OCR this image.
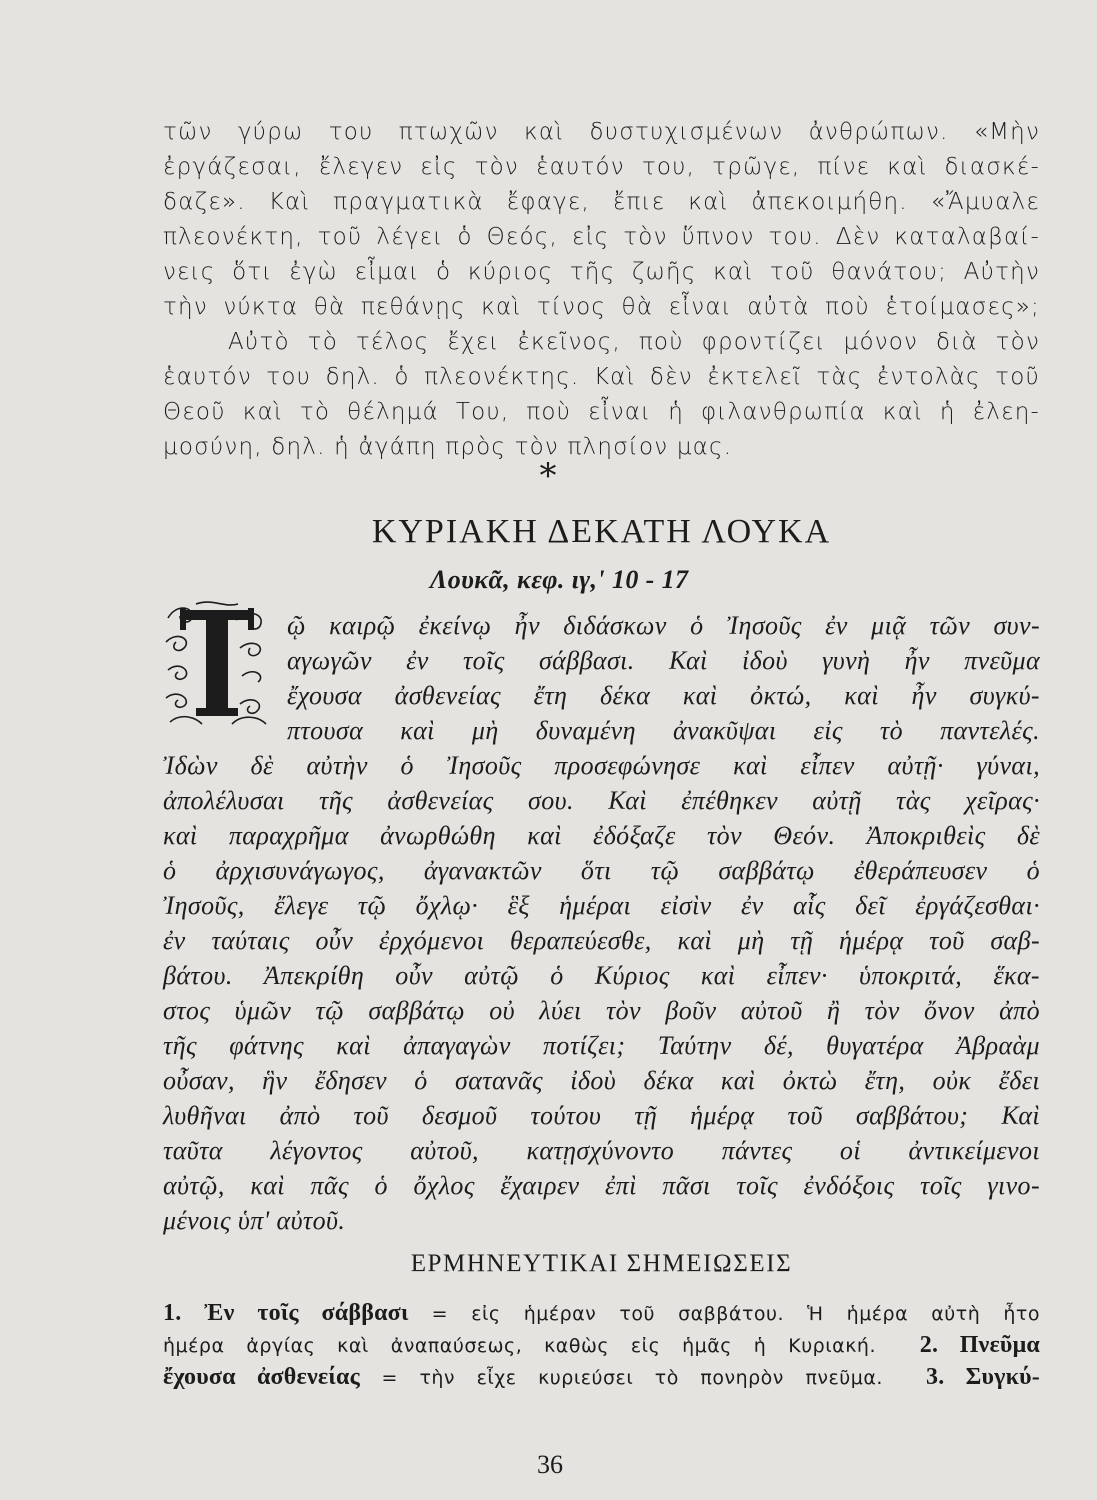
τῶν γύρω του πτωχῶν καὶ δυστυχισμένων ἀνθρώπων. «Μὴν
ἐργάζεσαι, ἔλεγεν εἰς τὸν ἑαυτόν του, τρῶγε, πίνε καὶ διασκέ-
δαζε». Καὶ πραγματικὰ ἔφαγε, ἔπιε καὶ ἀπεκοιμήθη. «Ἄμυαλε
πλεονέκτη, τοῦ λέγει ὁ Θεός, εἰς τὸν ὕπνον του. Δὲν καταλαβαί-
νεις ὅτι ἐγὼ εἶμαι ὁ κύριος τῆς ζωῆς καὶ τοῦ θανάτου; Αὐτὴν
τὴν νύκτα θὰ πεθάνῃς καὶ τίνος θὰ εἶναι αὐτὰ ποὺ ἑτοίμασες»;
Αὐτὸ τὸ τέλος ἔχει ἐκεῖνος, ποὺ φροντίζει μόνον διὰ τὸν
ἑαυτόν του δηλ. ὁ πλεονέκτης. Καὶ δὲν ἐκτελεῖ τὰς ἐντολὰς τοῦ
Θεοῦ καὶ τὸ θέλημά Του, ποὺ εἶναι ἡ φιλανθρωπία καὶ ἡ ἐλεη-
μοσύνη, δηλ. ἡ ἀγάπη πρὸς τὸν πλησίον μας.
*
ΚΥΡΙΑΚΗ ΔΕΚΑΤΗ ΛΟΥΚΑ
Λουκᾶ, κεφ. ιγ,' 10 - 17
ῷ καιρῷ ἐκείνῳ ἦν διδάσκων ὁ Ἰησοῦς ἐν μιᾷ τῶν συν-
αγωγῶν ἐν τοῖς σάββασι. Καὶ ἰδοὺ γυνὴ ἦν πνεῦμα
ἔχουσα ἀσθενείας ἔτη δέκα καὶ ὀκτώ, καὶ ἦν συγκύ-
πτουσα καὶ μὴ δυναμένη ἀνακῦψαι εἰς τὸ παντελές.
Ἰδὼν δὲ αὐτὴν ὁ Ἰησοῦς προσεφώνησε καὶ εἶπεν αὐτῇ· γύναι,
ἀπολέλυσαι τῆς ἀσθενείας σου. Καὶ ἐπέθηκεν αὐτῇ τὰς χεῖρας·
καὶ παραχρῆμα ἀνωρθώθη καὶ ἐδόξαζε τὸν Θεόν. Ἀποκριθεὶς δὲ
ὁ ἀρχισυνάγωγος, ἀγανακτῶν ὅτι τῷ σαββάτῳ ἐθεράπευσεν ὁ
Ἰησοῦς, ἔλεγε τῷ ὄχλῳ· ἓξ ἡμέραι εἰσὶν ἐν αἷς δεῖ ἐργάζεσθαι·
ἐν ταύταις οὖν ἐρχόμενοι θεραπεύεσθε, καὶ μὴ τῇ ἡμέρᾳ τοῦ σαβ-
βάτου. Ἀπεκρίθη οὖν αὐτῷ ὁ Κύριος καὶ εἶπεν· ὑποκριτά, ἕκα-
στος ὑμῶν τῷ σαββάτῳ οὐ λύει τὸν βοῦν αὐτοῦ ἢ τὸν ὄνον ἀπὸ
τῆς φάτνης καὶ ἀπαγαγὼν ποτίζει; Ταύτην δέ, θυγατέρα Ἀβραὰμ
οὖσαν, ἣν ἔδησεν ὁ σατανᾶς ἰδοὺ δέκα καὶ ὀκτὼ ἔτη, οὐκ ἔδει
λυθῆναι ἀπὸ τοῦ δεσμοῦ τούτου τῇ ἡμέρᾳ τοῦ σαββάτου; Καὶ
ταῦτα λέγοντος αὐτοῦ, κατῃσχύνοντο πάντες οἱ ἀντικείμενοι
αὐτῷ, καὶ πᾶς ὁ ὄχλος ἔχαιρεν ἐπὶ πᾶσι τοῖς ἐνδόξοις τοῖς γινο-
μένοις ὑπ' αὐτοῦ.
ΕΡΜΗΝΕΥΤΙΚΑΙ ΣΗΜΕΙΩΣΕΙΣ
1. Ἐν τοῖς σάββασι = εἰς ἡμέραν τοῦ σαββάτου. Ἡ ἡμέρα αὐτὴ ἦτο
ἡμέρα ἀργίας καὶ ἀναπαύσεως, καθὼς εἰς ἡμᾶς ἡ Κυριακή. 2. Πνεῦμα
ἔχουσα ἀσθενείας = τὴν εἶχε κυριεύσει τὸ πονηρὸν πνεῦμα. 3. Συγκύ-
36
